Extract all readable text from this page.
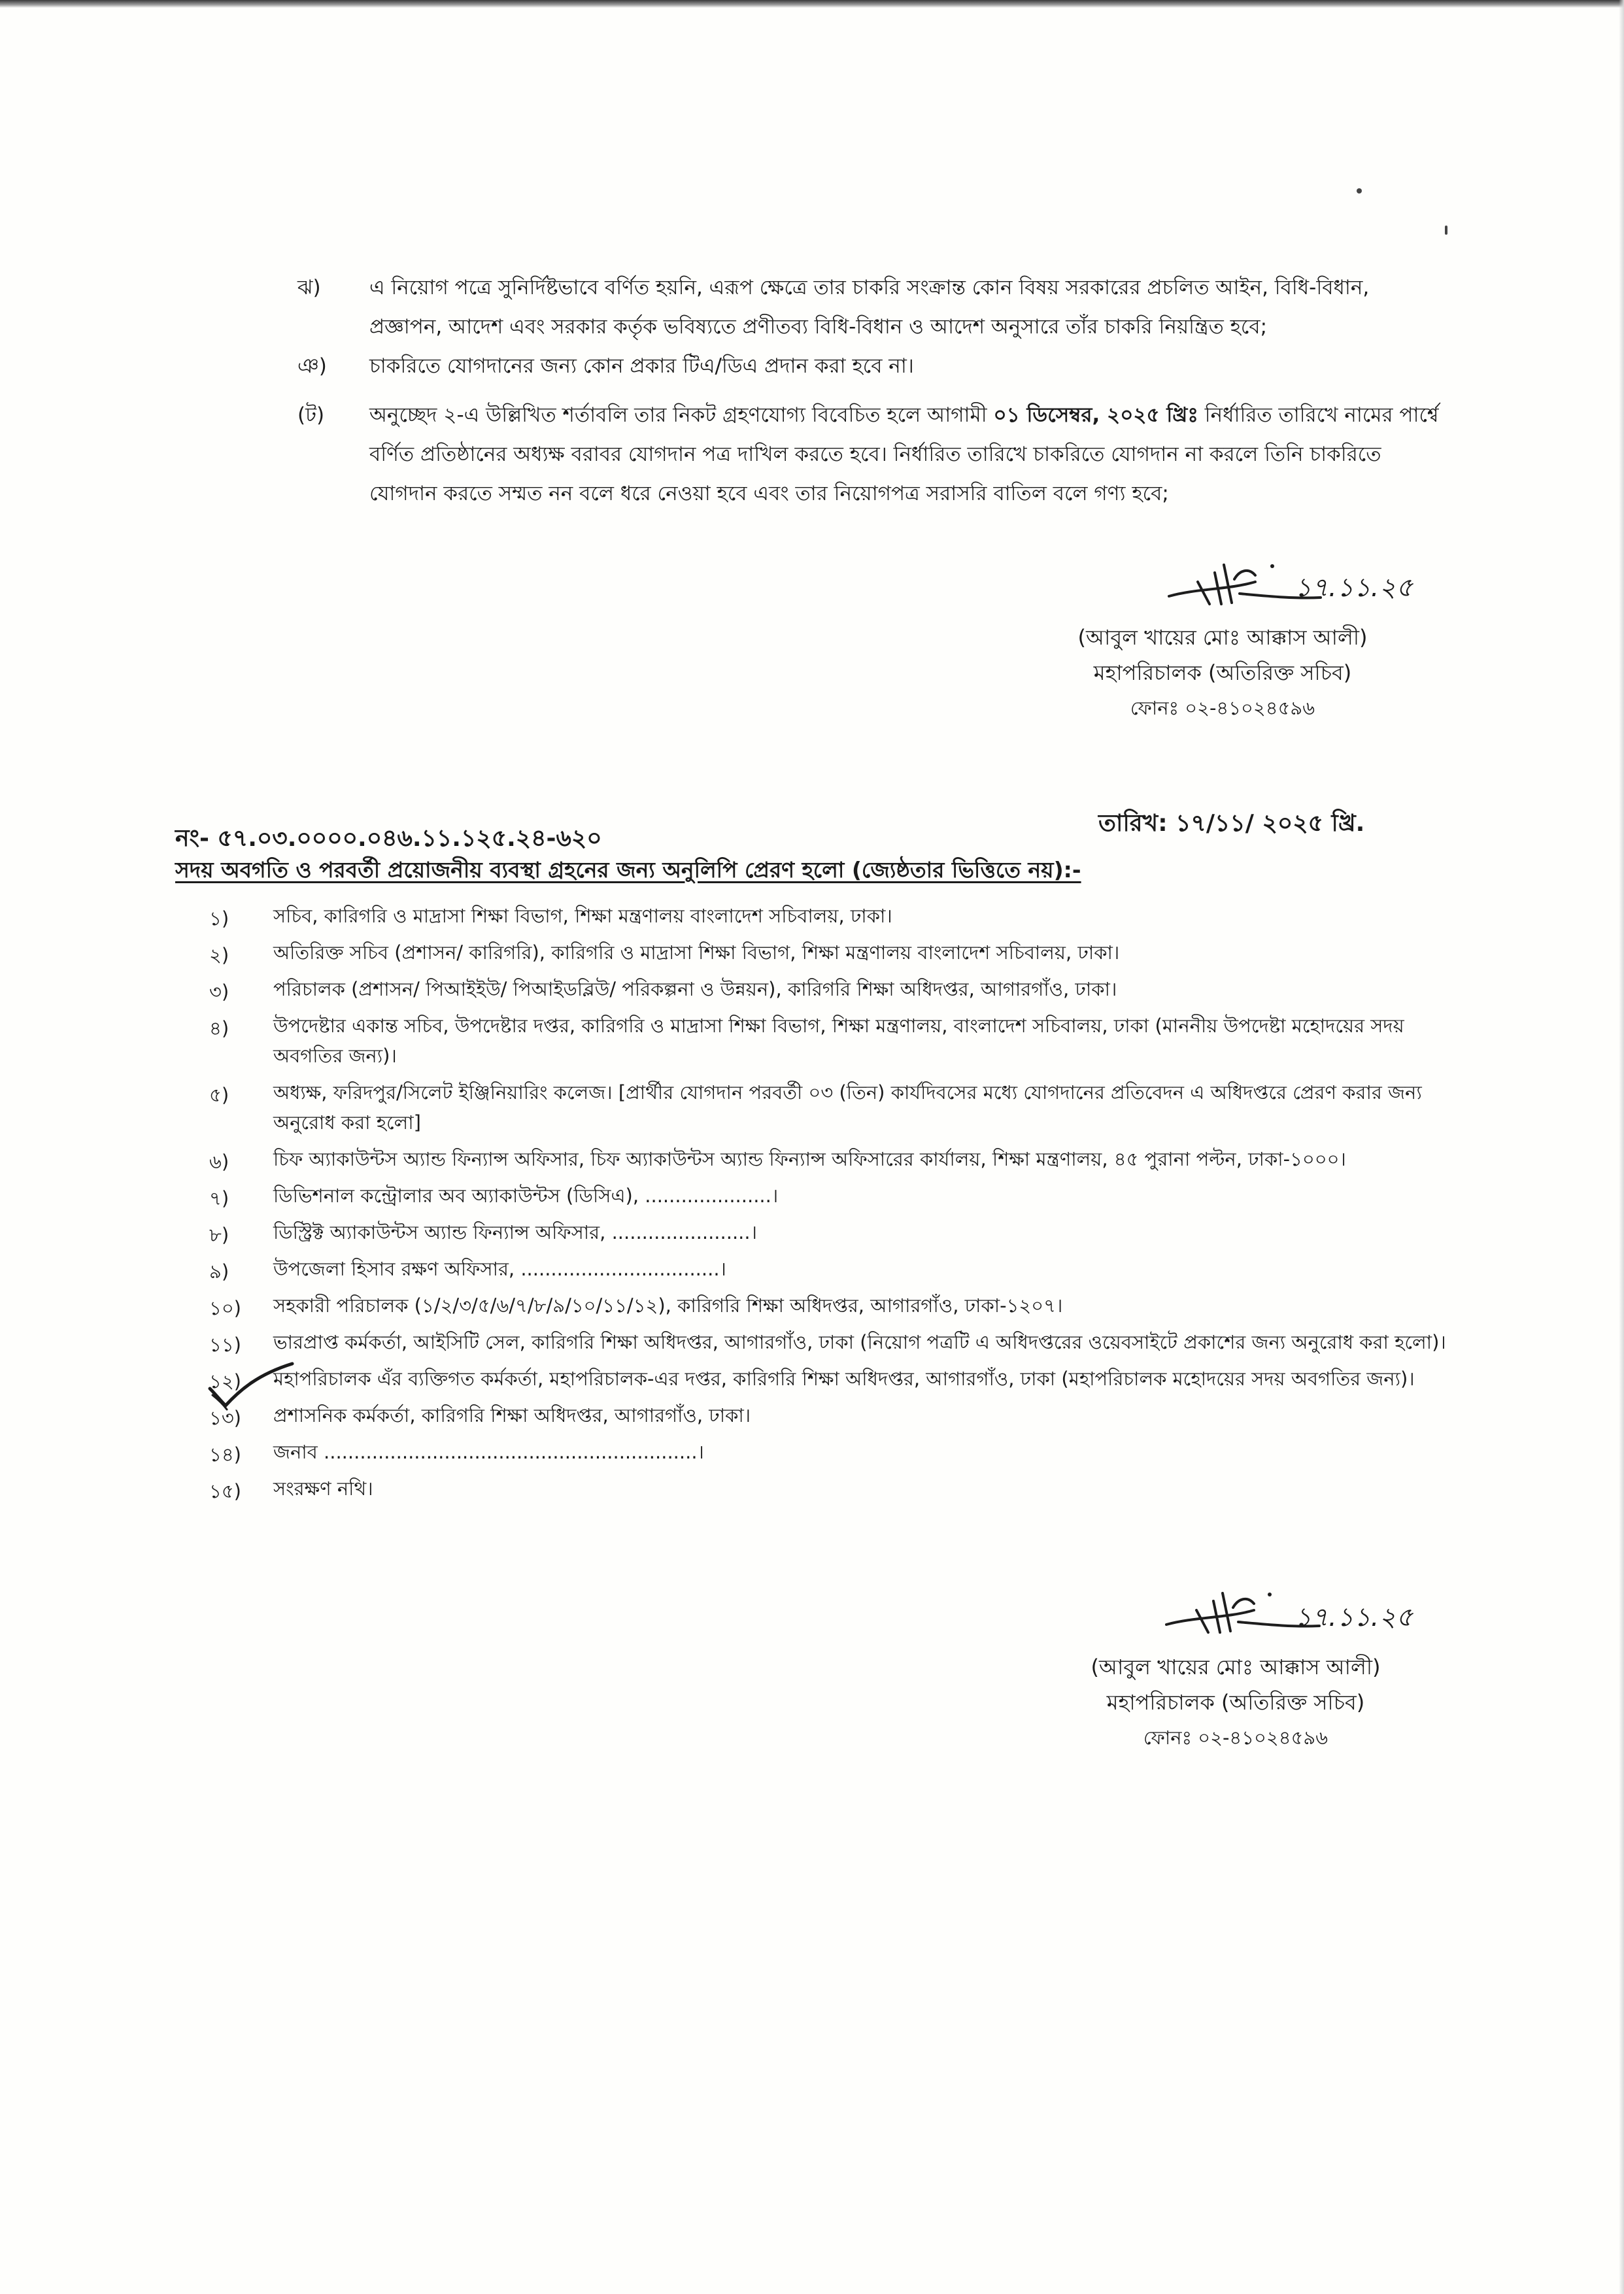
ঝ)	এ নিয়োগ পত্রে সুনির্দিষ্টভাবে বর্ণিত হয়নি, এরূপ ক্ষেত্রে তার চাকরি সংক্রান্ত কোন বিষয় সরকারের প্রচলিত আইন, বিধি-বিধান, প্রজ্ঞাপন, আদেশ এবং সরকার কর্তৃক ভবিষ্যতে প্রণীতব্য বিধি-বিধান ও আদেশ অনুসারে তাঁর চাকরি নিয়ন্ত্রিত হবে;
ঞ)	চাকরিতে যোগদানের জন্য কোন প্রকার টিএ/ডিএ প্রদান করা হবে না।
(ট)	অনুচ্ছেদ ২-এ উল্লিখিত শর্তাবলি তার নিকট গ্রহণযোগ্য বিবেচিত হলে আগামী ০১ ডিসেম্বর, ২০২৫ খ্রিঃ নির্ধারিত তারিখে নামের পার্শ্বে বর্ণিত প্রতিষ্ঠানের অধ্যক্ষ বরাবর যোগদান পত্র দাখিল করতে হবে। নির্ধারিত তারিখে চাকরিতে যোগদান না করলে তিনি চাকরিতে যোগদান করতে সম্মত নন বলে ধরে নেওয়া হবে এবং তার নিয়োগপত্র সরাসরি বাতিল বলে গণ্য হবে;
১৭.১১.২৫
(আবুল খায়ের মোঃ আক্কাস আলী)
মহাপরিচালক (অতিরিক্ত সচিব)
ফোনঃ ০২-৪১০২৪৫৯৬
তারিখ: ১৭/১১/ ২০২৫ খ্রি.
নং- ৫৭.০৩.০০০০.০৪৬.১১.১২৫.২৪-৬২০
সদয় অবগতি ও পরবর্তী প্রয়োজনীয় ব্যবস্থা গ্রহনের জন্য অনুলিপি প্রেরণ হলো (জ্যেষ্ঠতার ভিত্তিতে নয়):-
১)	সচিব, কারিগরি ও মাদ্রাসা শিক্ষা বিভাগ, শিক্ষা মন্ত্রণালয় বাংলাদেশ সচিবালয়, ঢাকা।
২)	অতিরিক্ত সচিব (প্রশাসন/ কারিগরি), কারিগরি ও মাদ্রাসা শিক্ষা বিভাগ, শিক্ষা মন্ত্রণালয় বাংলাদেশ সচিবালয়, ঢাকা।
৩)	পরিচালক (প্রশাসন/ পিআইইউ/ পিআইডব্লিউ/ পরিকল্পনা ও উন্নয়ন), কারিগরি শিক্ষা অধিদপ্তর, আগারগাঁও, ঢাকা।
৪)	উপদেষ্টার একান্ত সচিব, উপদেষ্টার দপ্তর, কারিগরি ও মাদ্রাসা শিক্ষা বিভাগ, শিক্ষা মন্ত্রণালয়, বাংলাদেশ সচিবালয়, ঢাকা (মাননীয় উপদেষ্টা মহোদয়ের সদয় অবগতির জন্য)।
৫)	অধ্যক্ষ, ফরিদপুর/সিলেট ইঞ্জিনিয়ারিং কলেজ। [প্রার্থীর যোগদান পরবর্তী ০৩ (তিন) কার্যদিবসের মধ্যে যোগদানের প্রতিবেদন এ অধিদপ্তরে প্রেরণ করার জন্য অনুরোধ করা হলো]
৬)	চিফ অ্যাকাউন্টস অ্যান্ড ফিন্যান্স অফিসার, চিফ অ্যাকাউন্টস অ্যান্ড ফিন্যান্স অফিসারের কার্যালয়, শিক্ষা মন্ত্রণালয়, ৪৫ পুরানা পল্টন, ঢাকা-১০০০।
৭)	ডিভিশনাল কন্ট্রোলার অব অ্যাকাউন্টস (ডিসিএ), .....................।
৮)	ডিস্ট্রিক্ট অ্যাকাউন্টস অ্যান্ড ফিন্যান্স অফিসার, .......................।
৯)	উপজেলা হিসাব রক্ষণ অফিসার, .................................।
১০)	সহকারী পরিচালক (১/২/৩/৫/৬/৭/৮/৯/১০/১১/১২), কারিগরি শিক্ষা অধিদপ্তর, আগারগাঁও, ঢাকা-১২০৭।
১১)	ভারপ্রাপ্ত কর্মকর্তা, আইসিটি সেল, কারিগরি শিক্ষা অধিদপ্তর, আগারগাঁও, ঢাকা (নিয়োগ পত্রটি এ অধিদপ্তরের ওয়েবসাইটে প্রকাশের জন্য অনুরোধ করা হলো)।
১২)	মহাপরিচালক এঁর ব্যক্তিগত কর্মকর্তা, মহাপরিচালক-এর দপ্তর, কারিগরি শিক্ষা অধিদপ্তর, আগারগাঁও, ঢাকা (মহাপরিচালক মহোদয়ের সদয় অবগতির জন্য)।
১৩)	প্রশাসনিক কর্মকর্তা, কারিগরি শিক্ষা অধিদপ্তর, আগারগাঁও, ঢাকা।
১৪)	জনাব ..............................................................।
১৫)	সংরক্ষণ নথি।
১৭.১১.২৫
(আবুল খায়ের মোঃ আক্কাস আলী)
মহাপরিচালক (অতিরিক্ত সচিব)
ফোনঃ ০২-৪১০২৪৫৯৬
